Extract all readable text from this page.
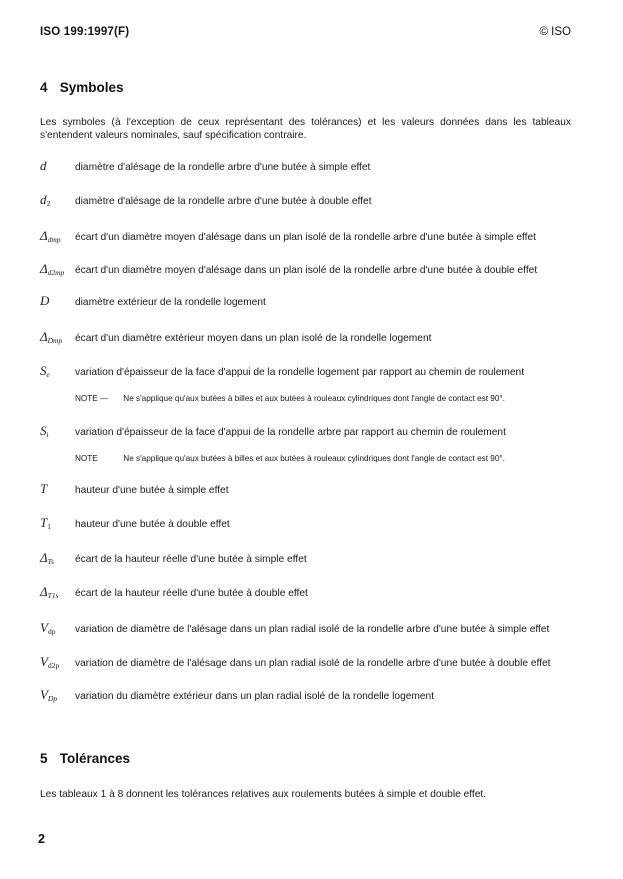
ISO 199:1997(F)	© ISO
4 Symboles
Les symboles (à l'exception de ceux représentant des tolérances) et les valeurs données dans les tableaux
s'entendent valeurs nominales, sauf spécification contraire.
d	diamètre d'alésage de la rondelle arbre d'une butée à simple effet
$d_2$ diamètre d'alésage de la rondelle arbre d'une butée à double effet
$\Delta_{dmp}$ écart d'un diamètre moyen d'alésage dans un plan isolé de la rondelle arbre d'une butée à simple effet
$\Delta_{d2mp}$ écart d'un diamètre moyen d'alésage dans un plan isolé de la rondelle arbre d'une butée à double effet
D	diamètre extérieur de la rondelle logement
$\Delta_{Dmp}$ écart d'un diamètre extérieur moyen dans un plan isolé de la rondelle logement
$S_e$ variation d'épaisseur de la face d'appui de la rondelle logement par rapport au chemin de roulement
NOTE — Ne s'applique qu'aux butées à billes et aux butées à rouleaux cylindriques dont l'angle de contact est 90°.
$S_i$	variation d'épaisseur de la face d'appui de la rondelle arbre par rapport au chemin de roulement
NOTE	Ne s'applique qu'aux butées à billes et aux butées à rouleaux cylindriques dont l'angle de contact est 90°.
T	hauteur d'une butée à simple effet
$T_1$ hauteur d'une butée à double effet
$\Delta_{Ts}$ écart de la hauteur réelle d'une butée à simple effet
$\Delta_{T1s}$ écart de la hauteur réelle d'une butée à double effet
$V_{dp}$ variation de diamètre de l'alésage dans un plan radial isolé de la rondelle arbre d'une butée à simple effet
$V_{d2p}$ variation de diamètre de l'alésage dans un plan radial isolé de la rondelle arbre d'une butée à double effet
$V_{Dp}$ variation du diamètre extérieur dans un plan radial isolé de la rondelle logement
5 Tolérances
Les tableaux 1 à 8 donnent les tolérances relatives aux roulements butées à simple et double effet.
2
